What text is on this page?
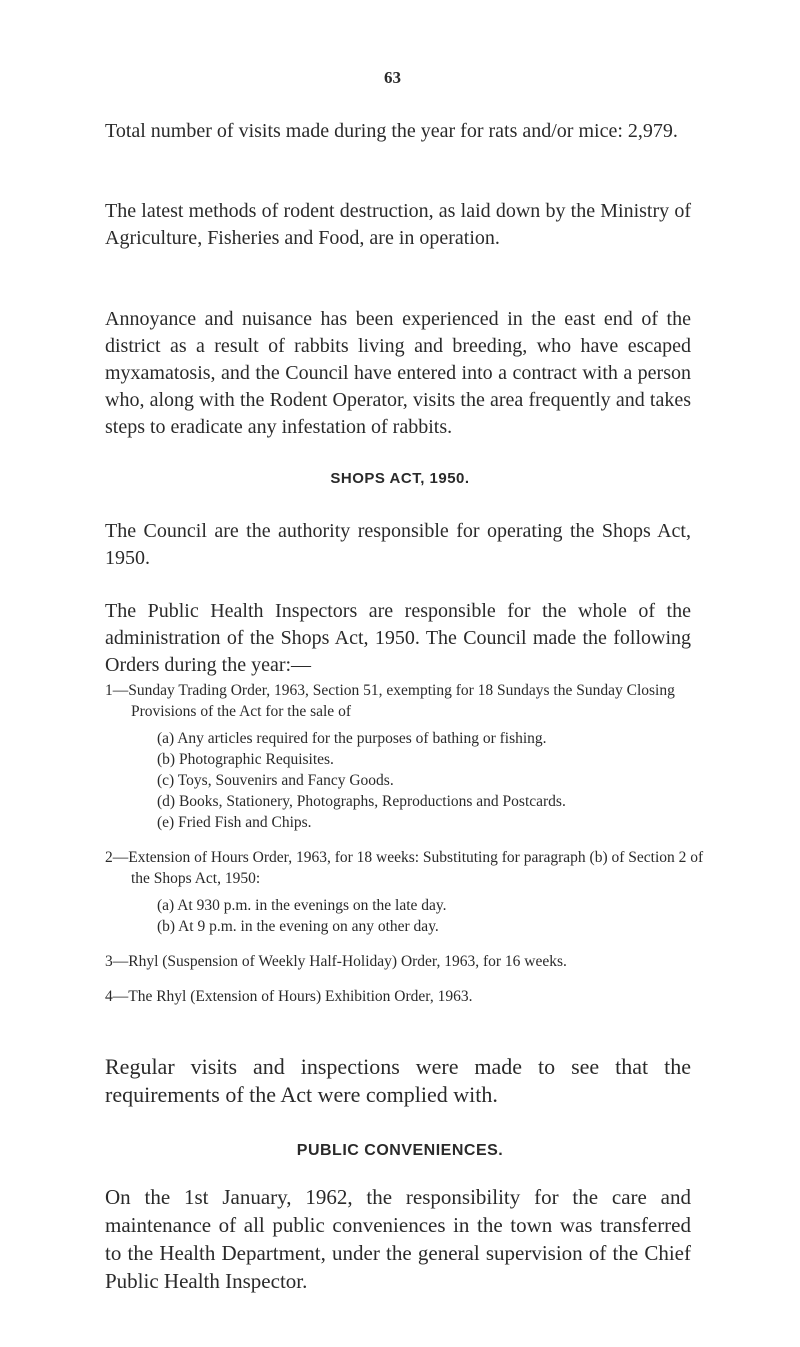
63

Total number of visits made during the year for rats and/or mice: 2,979.

The latest methods of rodent destruction, as laid down by the Ministry of Agriculture, Fisheries and Food, are in operation.

Annoyance and nuisance has been experienced in the east end of the district as a result of rabbits living and breeding, who have escaped myxamatosis, and the Council have entered into a contract with a person who, along with the Rodent Operator, visits the area frequently and takes steps to eradicate any infestation of rabbits.

SHOPS ACT, 1950.

The Council are the authority responsible for operating the Shops Act, 1950.

The Public Health Inspectors are responsible for the whole of the administration of the Shops Act, 1950. The Council made the following Orders during the year:—

1—Sunday Trading Order, 1963, Section 51, exempting for 18 Sundays the Sunday Closing Provisions of the Act for the sale of
(a) Any articles required for the purposes of bathing or fishing.
(b) Photographic Requisites.
(c) Toys, Souvenirs and Fancy Goods.
(d) Books, Stationery, Photographs, Reproductions and Postcards.
(e) Fried Fish and Chips.
2—Extension of Hours Order, 1963, for 18 weeks: Substituting for paragraph (b) of Section 2 of the Shops Act, 1950:
(a) At 930 p.m. in the evenings on the late day.
(b) At 9 p.m. in the evening on any other day.
3—Rhyl (Suspension of Weekly Half-Holiday) Order, 1963, for 16 weeks.
4—The Rhyl (Extension of Hours) Exhibition Order, 1963.

Regular visits and inspections were made to see that the requirements of the Act were complied with.

PUBLIC CONVENIENCES.

On the 1st January, 1962, the responsibility for the care and maintenance of all public conveniences in the town was transferred to the Health Department, under the general supervision of the Chief Public Health Inspector.
